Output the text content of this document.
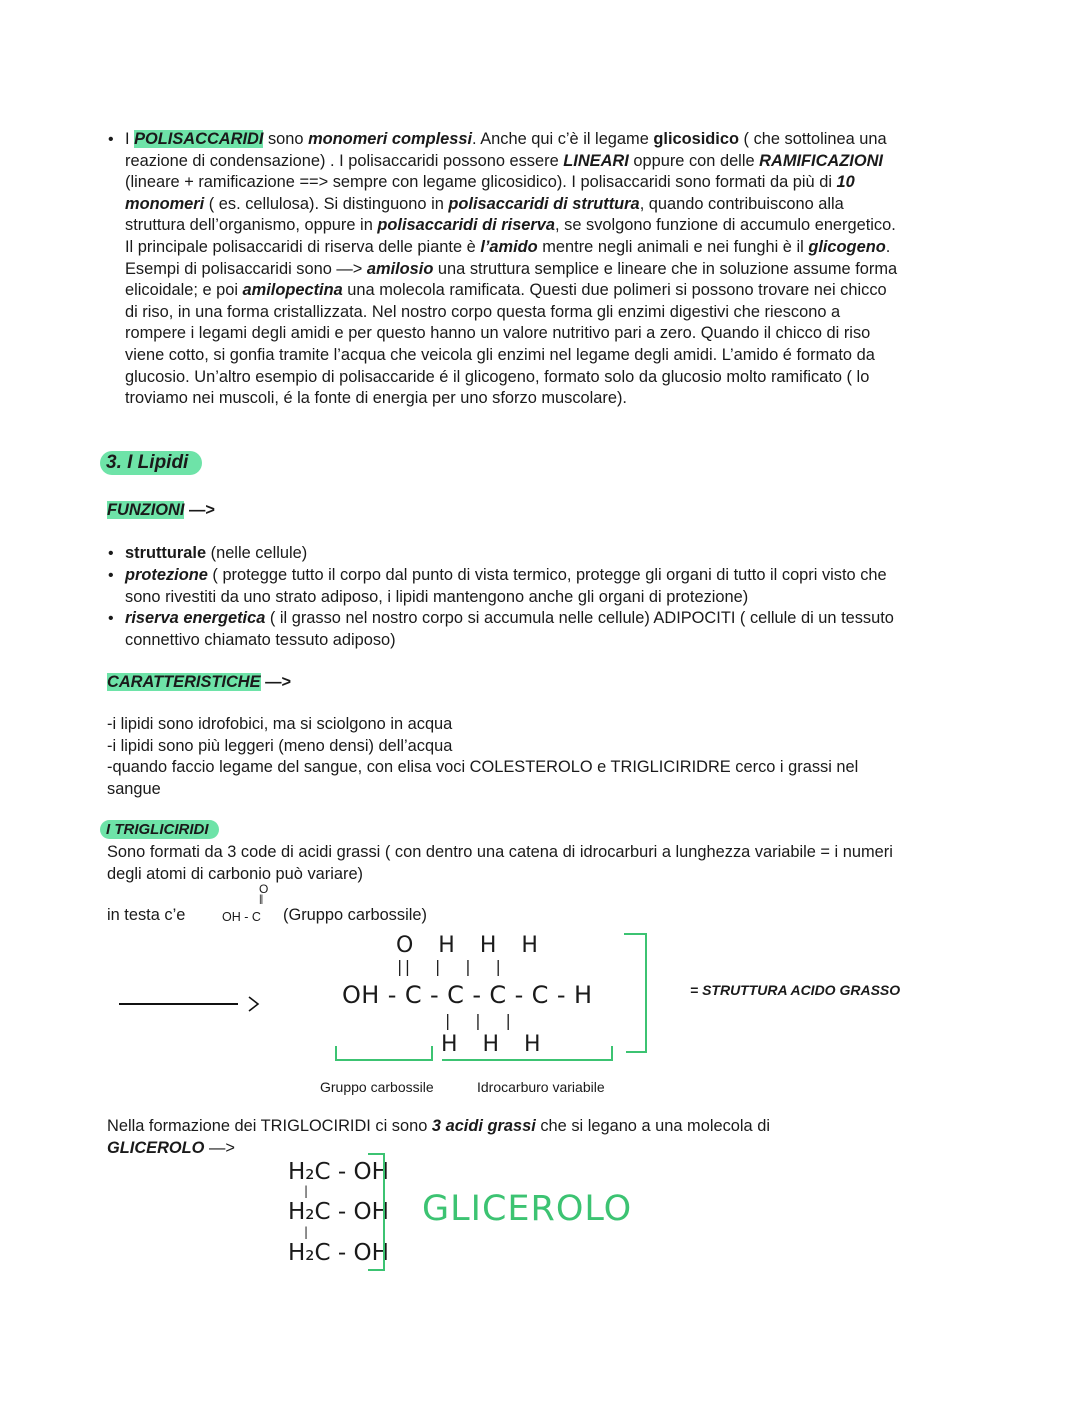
• I POLISACCARIDI sono monomeri complessi. Anche qui c’è il legame glicosidico ( che sottolinea una
reazione di condensazione) . I polisaccaridi possono essere LINEARI oppure con delle RAMIFICAZIONI
(lineare + ramificazione ==> sempre con legame glicosidico). I polisaccaridi sono formati da più di 10
monomeri ( es. cellulosa). Si distinguono in polisaccaridi di struttura, quando contribuiscono alla
struttura dell’organismo, oppure in polisaccaridi di riserva, se svolgono funzione di accumulo energetico.
Il principale polisaccaridi di riserva delle piante è l’amido mentre negli animali e nei funghi è il glicogeno.
Esempi di polisaccaridi sono —> amilosio una struttura semplice e lineare che in soluzione assume forma
elicoidale; e poi amilopectina una molecola ramificata. Questi due polimeri si possono trovare nei chicco
di riso, in una forma cristallizzata. Nel nostro corpo questa forma gli enzimi digestivi che riescono a
rompere i legami degli amidi e per questo hanno un valore nutritivo pari a zero. Quando il chicco di riso
viene cotto, si gonfia tramite l’acqua che veicola gli enzimi nel legame degli amidi. L’amido é formato da
glucosio. Un’altro esempio di polisaccaride é il glicogeno, formato solo da glucosio molto ramificato ( lo
troviamo nei muscoli, é la fonte di energia per uno sforzo muscolare).
3. I Lipidi
FUNZIONI —>
• strutturale (nelle cellule)
• protezione ( protegge tutto il corpo dal punto di vista termico, protegge gli organi di tutto il copri visto che
sono rivestiti da uno strato adiposo, i lipidi mantengono anche gli organi di protezione)
• riserva energetica ( il grasso nel nostro corpo si accumula nelle cellule) ADIPOCITI ( cellule di un tessuto
connettivo chiamato tessuto adiposo)
CARATTERISTICHE —>
-i lipidi sono idrofobici, ma si sciolgono in acqua
-i lipidi sono più leggeri (meno densi) dell’acqua
-quando faccio legame del sangue, con elisa voci COLESTEROLO e TRIGLICIRIDRE cerco i grassi nel
sangue
I TRIGLICIRIDI
Sono formati da 3 code di acidi grassi ( con dentro una catena di idrocarburi a lunghezza variabile = i numeri
degli atomi di carbonio può variare)
in testa c’e
O
||
OH - C (Gruppo carbossile)
O   H   H   H
||   |   |   |
OH - C - C - C - C - H
|   |   |
H   H   H
= STRUTTURA ACIDO GRASSO
Gruppo carbossile	Idrocarburo variabile
Nella formazione dei TRIGLOCIRIDI ci sono 3 acidi grassi che si legano a una molecola di
GLICEROLO —>
H₂C - OH
|
H₂C - OH
|
H₂C - OH
GLICEROLO
